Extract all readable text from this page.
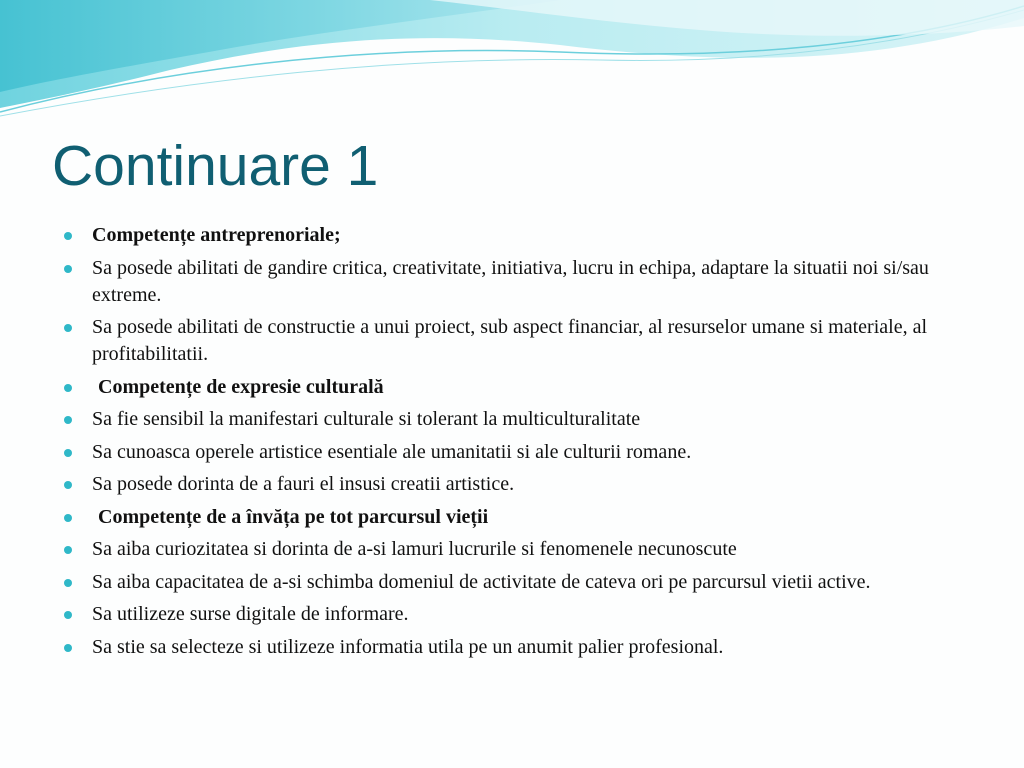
Continuare 1
Competențe antreprenoriale;
Sa posede abilitati de gandire critica, creativitate, initiativa, lucru in echipa, adaptare la situatii noi si/sau extreme.
Sa posede abilitati de constructie a unui proiect, sub aspect financiar, al resurselor umane si materiale, al profitabilitatii.
Competențe de expresie culturală
Sa fie sensibil la manifestari culturale si tolerant la multiculturalitate
Sa cunoasca operele artistice esentiale ale umanitatii si ale culturii romane.
Sa posede dorinta de a fauri el insusi creatii artistice.
Competențe de a învăța pe tot parcursul vieții
Sa aiba curiozitatea si dorinta de a-si lamuri lucrurile si fenomenele necunoscute
Sa aiba capacitatea de a-si schimba domeniul de activitate de cateva ori pe parcursul vietii active.
Sa utilizeze surse digitale de informare.
Sa stie sa selecteze si utilizeze informatia utila pe un anumit palier profesional.
